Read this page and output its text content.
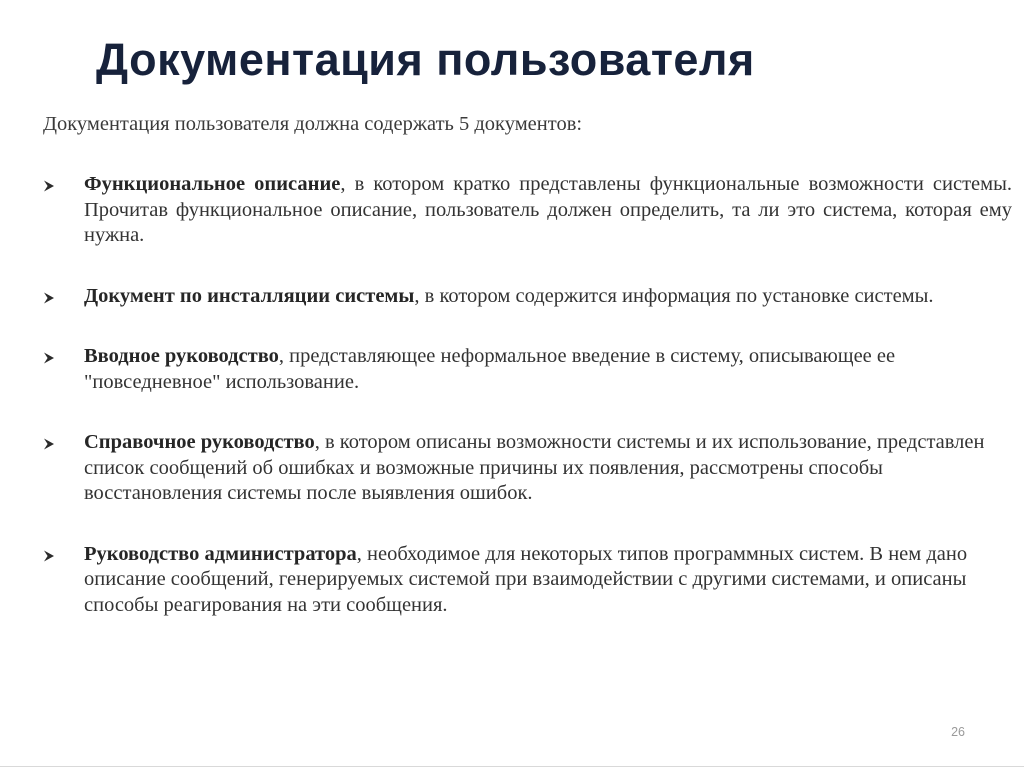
Документация пользователя

Документация пользователя должна содержать 5 документов:

Функциональное описание, в котором кратко представлены функциональные возможности системы. Прочитав функциональное описание, пользователь должен определить, та ли это система, которая ему нужна.
Документ по инсталляции системы, в котором содержится информация по установке системы.
Вводное руководство, представляющее неформальное введение в систему, описывающее ее "повседневное" использование.
Справочное руководство, в котором описаны возможности системы и их использование, представлен список сообщений об ошибках и возможные причины их появления, рассмотрены способы восстановления системы после выявления ошибок.
Руководство администратора, необходимое для некоторых типов программных систем. В нем дано описание сообщений, генерируемых системой при взаимодействии с другими системами, и описаны способы реагирования на эти сообщения.
26
